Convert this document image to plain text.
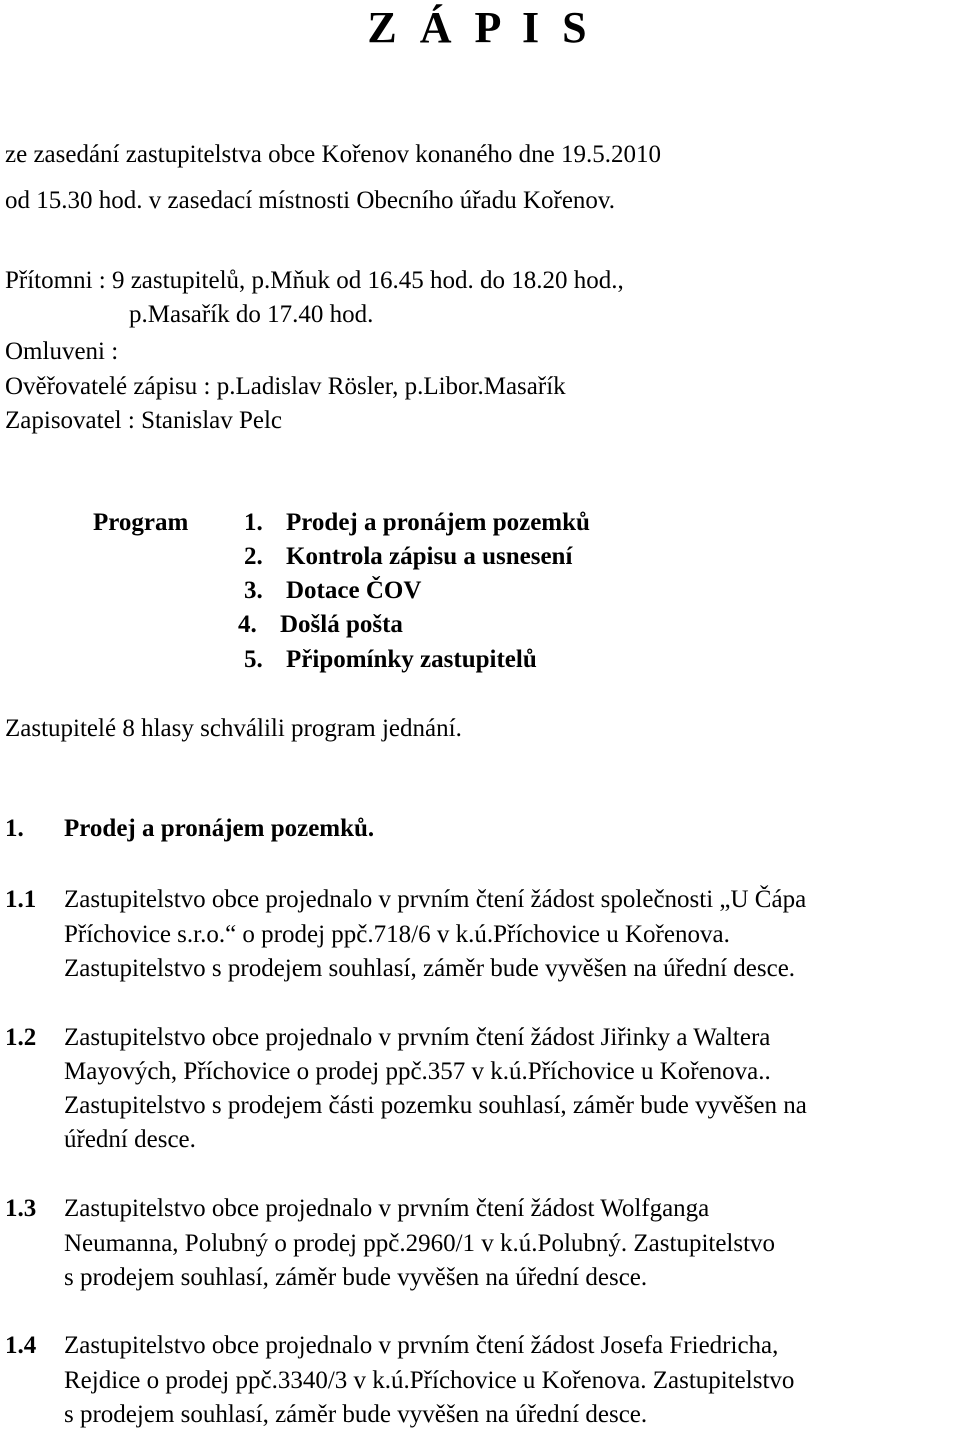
Z Á P I S
ze zasedání zastupitelstva obce Kořenov konaného dne 19.5.2010
od 15.30 hod. v zasedací místnosti Obecního úřadu Kořenov.
Přítomni : 9 zastupitelů, p.Mňuk od 16.45 hod. do 18.20 hod.,
p.Masařík do 17.40 hod.
Omluveni :
Ověřovatelé zápisu : p.Ladislav Rösler, p.Libor.Masařík
Zapisovatel : Stanislav Pelc
Program 1. Prodej a pronájem pozemků
2. Kontrola zápisu a usnesení
3. Dotace ČOV
4. Došlá pošta
5. Připomínky zastupitelů
Zastupitelé 8 hlasy schválili program jednání.
1. Prodej a pronájem pozemků.
1.1 Zastupitelstvo obce projednalo v prvním čtení žádost společnosti „U Čápa
Příchovice s.r.o.“ o prodej ppč.718/6 v k.ú.Příchovice u Kořenova.
Zastupitelstvo s prodejem souhlasí, záměr bude vyvěšen na úřední desce.
1.2 Zastupitelstvo obce projednalo v prvním čtení žádost Jiřinky a Waltera
Mayových, Příchovice o prodej ppč.357 v k.ú.Příchovice u Kořenova..
Zastupitelstvo s prodejem části pozemku souhlasí, záměr bude vyvěšen na
úřední desce.
1.3 Zastupitelstvo obce projednalo v prvním čtení žádost Wolfganga
Neumanna, Polubný o prodej ppč.2960/1 v k.ú.Polubný. Zastupitelstvo
s prodejem souhlasí, záměr bude vyvěšen na úřední desce.
1.4 Zastupitelstvo obce projednalo v prvním čtení žádost Josefa Friedricha,
Rejdice o prodej ppč.3340/3 v k.ú.Příchovice u Kořenova. Zastupitelstvo
s prodejem souhlasí, záměr bude vyvěšen na úřední desce.
